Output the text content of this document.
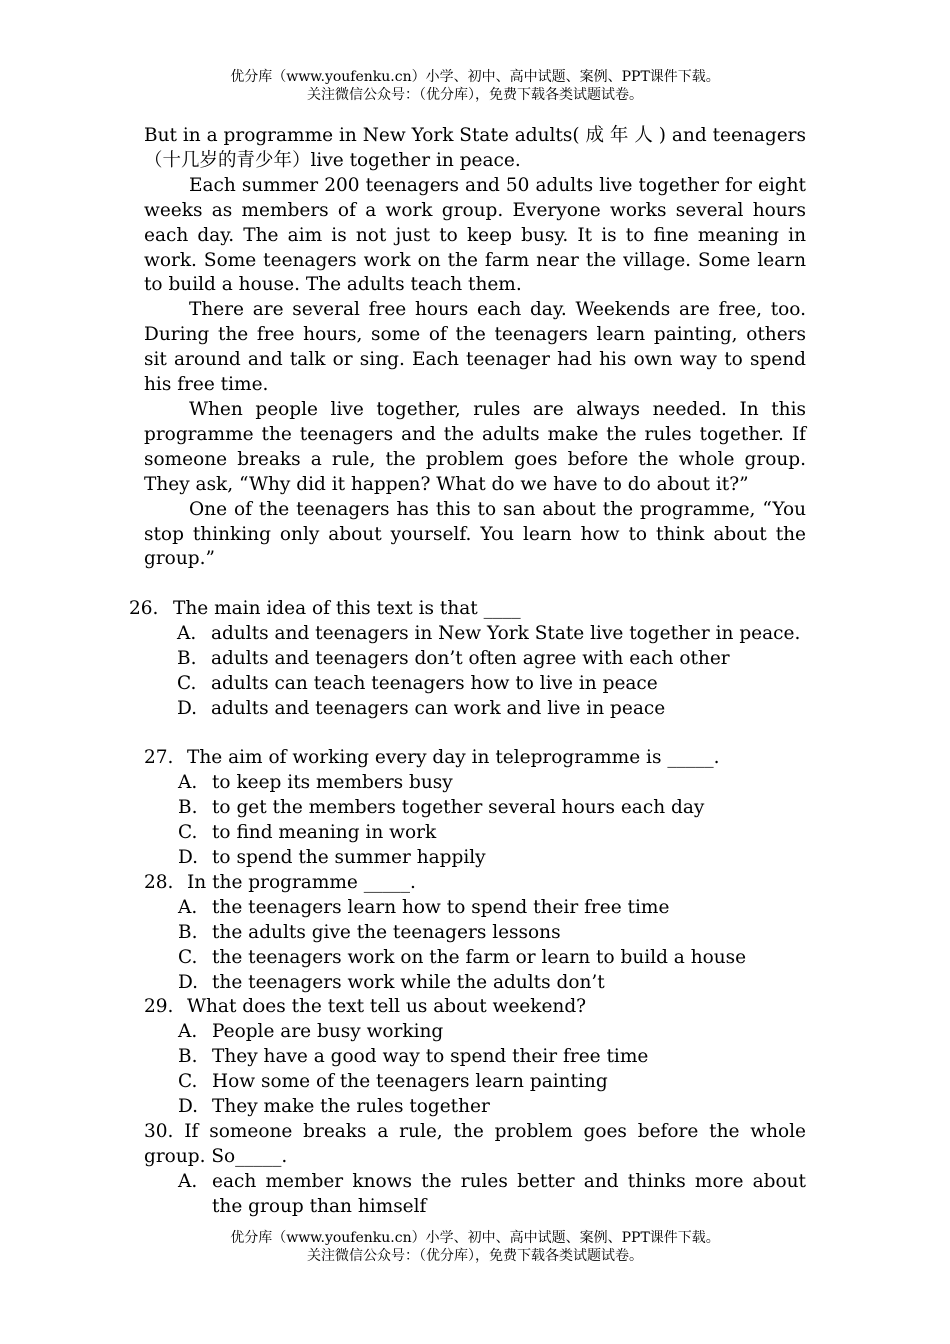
优分库（www.youfenku.cn）小学、初中、高中试题、案例、PPT课件下载。
关注微信公众号：（优分库），免费下载各类试题试卷。

But in a programme in New York State adults( 成 年 人 ) and teenagers（十几岁的青少年）live together in peace.

Each summer 200 teenagers and 50 adults live together for eight weeks as members of a work group. Everyone works several hours each day. The aim is not just to keep busy. It is to fine meaning in work. Some teenagers work on the farm near the village. Some learn to build a house. The adults teach them.

There are several free hours each day. Weekends are free, too. During the free hours, some of the teenagers learn painting, others sit around and talk or sing. Each teenager had his own way to spend his free time.

When people live together, rules are always needed. In this programme the teenagers and the adults make the rules together. If someone breaks a rule, the problem goes before the whole group. They ask, “Why did it happen? What do we have to do about it?”

One of the teenagers has this to san about the programme, “You stop thinking only about yourself. You learn how to think about the group.”

26. The main idea of this text is that ____
A. adults and teenagers in New York State live together in peace.
B. adults and teenagers don’t often agree with each other
C. adults can teach teenagers how to live in peace
D. adults and teenagers can work and live in peace
27. The aim of working every day in teleprogramme is _____.
A. to keep its members busy
B. to get the members together several hours each day
C. to find meaning in work
D. to spend the summer happily
28. In the programme _____.
A. the teenagers learn how to spend their free time
B. the adults give the teenagers lessons
C. the teenagers work on the farm or learn to build a house
D. the teenagers work while the adults don’t
29. What does the text tell us about weekend?
A. People are busy working
B. They have a good way to spend their free time
C. How some of the teenagers learn painting
D. They make the rules together
30. If someone breaks a rule, the problem goes before the whole group. So_____.
A. each member knows the rules better and thinks more about the group than himself
优分库（www.youfenku.cn）小学、初中、高中试题、案例、PPT课件下载。
关注微信公众号：（优分库），免费下载各类试题试卷。
